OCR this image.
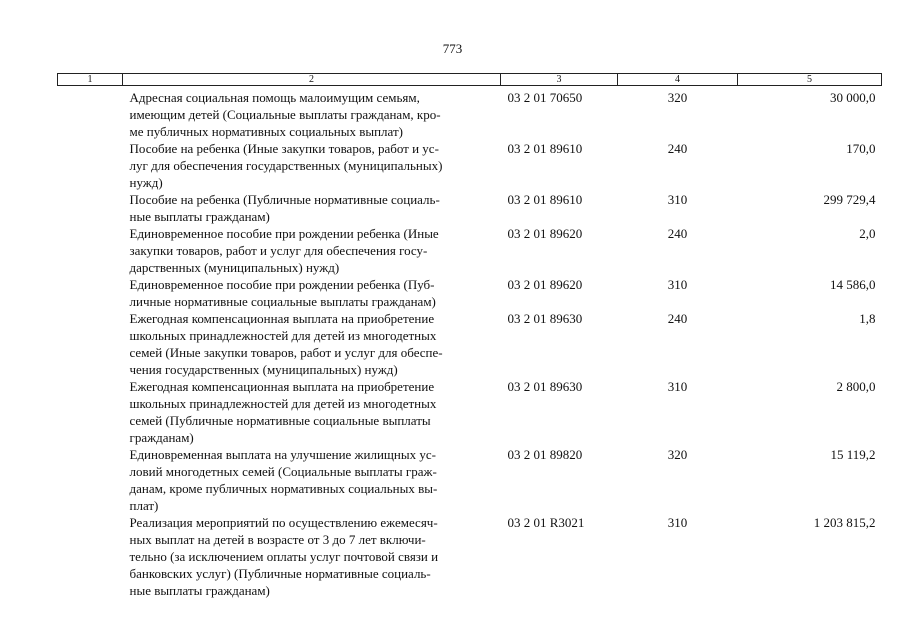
773
1	2	3	4	5
	Адресная социальная помощь малоимущим семьям,
имеющим детей (Социальные выплаты гражданам, кро-
ме публичных нормативных социальных выплат)	03 2 01 70650	320	30 000,0
	Пособие на ребенка (Иные закупки товаров, работ и ус-
луг для обеспечения государственных (муниципальных)
нужд)	03 2 01 89610	240	170,0
	Пособие на ребенка (Публичные нормативные социаль-
ные выплаты гражданам)	03 2 01 89610	310	299 729,4
	Единовременное пособие при рождении ребенка (Иные
закупки товаров, работ и услуг для обеспечения госу-
дарственных (муниципальных) нужд)	03 2 01 89620	240	2,0
	Единовременное пособие при рождении ребенка (Пуб-
личные нормативные социальные выплаты гражданам)	03 2 01 89620	310	14 586,0
	Ежегодная компенсационная выплата на приобретение
школьных принадлежностей для детей из многодетных
семей (Иные закупки товаров, работ и услуг для обеспе-
чения государственных (муниципальных) нужд)	03 2 01 89630	240	1,8
	Ежегодная компенсационная выплата на приобретение
школьных принадлежностей для детей из многодетных
семей (Публичные нормативные социальные выплаты
гражданам)	03 2 01 89630	310	2 800,0
	Единовременная выплата на улучшение жилищных ус-
ловий многодетных семей (Социальные выплаты граж-
данам, кроме публичных нормативных социальных вы-
плат)	03 2 01 89820	320	15 119,2
	Реализация мероприятий по осуществлению ежемесяч-
ных выплат на детей в возрасте от 3 до 7 лет включи-
тельно (за исключением оплаты услуг почтовой связи и
банковских услуг) (Публичные нормативные социаль-
ные выплаты гражданам)	03 2 01 R3021	310	1 203 815,2
